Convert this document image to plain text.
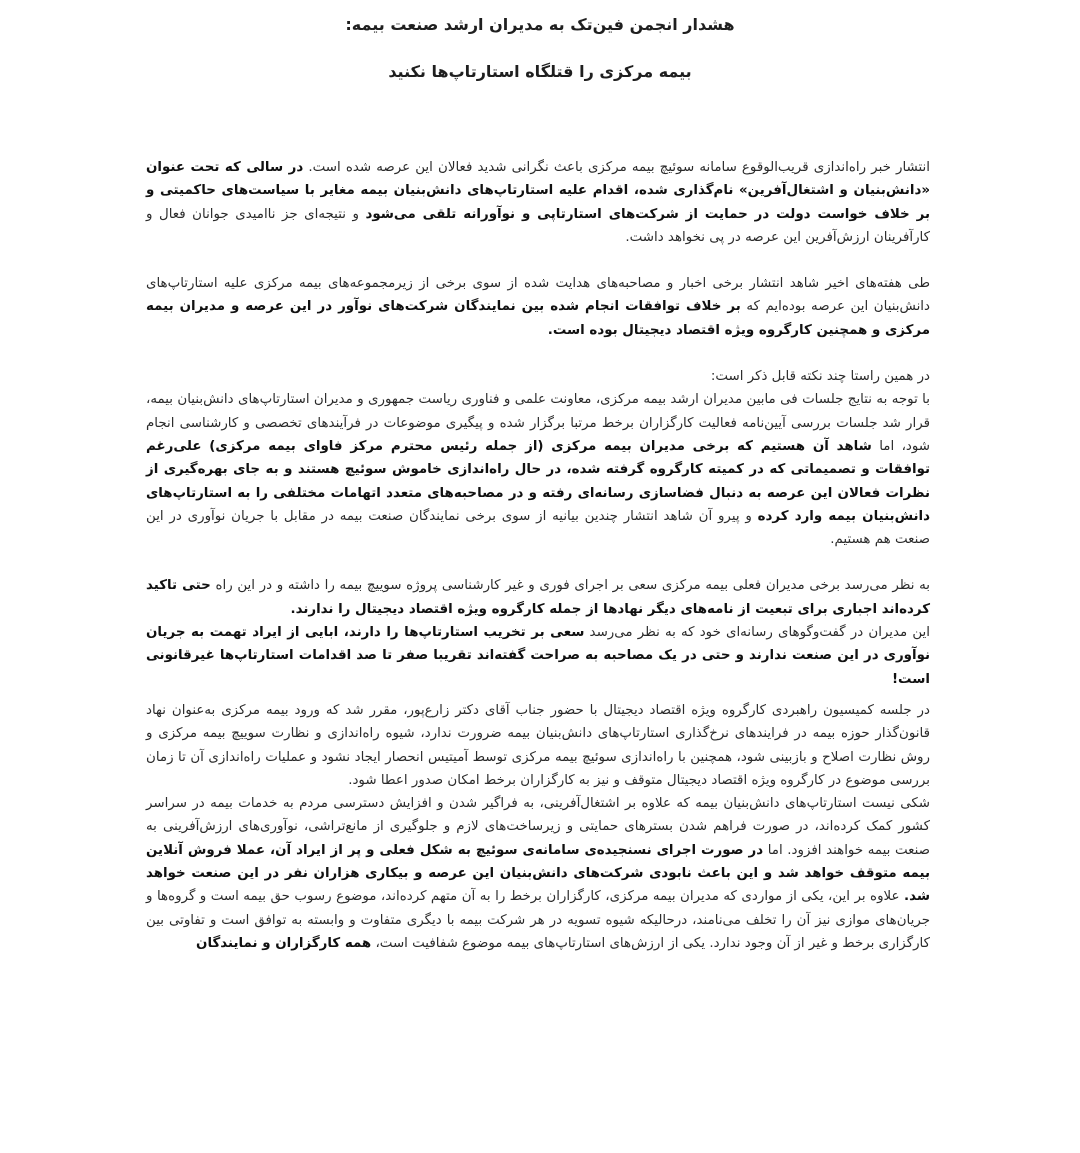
هشدار انجمن فین‌تک به مدیران ارشد صنعت بیمه:
بیمه مرکزی را قتلگاه استارتاپ‌ها نکنید

انتشار خبر راه‌اندازی قریب‌الوقوع سامانه سوئیچ بیمه مرکزی باعث نگرانی شدید فعالان این عرصه شده است. در سالی که تحت عنوان «دانش‌بنیان و اشتغال‌آفرین» نام‌گذاری شده، اقدام علیه استارتاپ‌های دانش‌بنیان بیمه مغایر با سیاست‌های حاکمیتی و بر خلاف خواست دولت در حمایت از شرکت‌های استارتاپی و نوآورانه تلقی می‌شود و نتیجه‌ای جز ناامیدی جوانان فعال و کارآفرینان ارزش‌آفرین این عرصه در پی نخواهد داشت.

طی هفته‌های اخیر شاهد انتشار برخی اخبار و مصاحبه‌های هدایت شده از سوی برخی از زیرمجموعه‌های بیمه مرکزی علیه استارتاپ‌های دانش‌بنیان این عرصه بوده‌ایم که بر خلاف توافقات انجام شده بین نمایندگان شرکت‌های نوآور در این عرصه و مدیران بیمه مرکزی و همچنین کارگروه ویژه اقتصاد دیجیتال بوده است.

در همین راستا چند نکته قابل ذکر است:

با توجه به نتایج جلسات فی مابین مدیران ارشد بیمه مرکزی، معاونت علمی و فناوری ریاست جمهوری و مدیران استارتاپ‌های دانش‌بنیان بیمه، قرار شد جلسات بررسی آیین‌نامه فعالیت کارگزاران برخط مرتبا برگزار شده و پیگیری موضوعات در فرآیندهای تخصصی و کارشناسی انجام شود، اما شاهد آن هستیم که برخی مدیران بیمه مرکزی (از جمله رئیس محترم مرکز فاوای بیمه مرکزی) علی‌رغم توافقات و تصمیماتی که در کمیته کارگروه گرفته شده، در حال راه‌اندازی خاموش سوئیچ هستند و به جای بهره‌گیری از نظرات فعالان این عرصه به دنبال فضاسازی رسانه‌ای رفته و در مصاحبه‌های متعدد اتهامات مختلفی را به استارتاپ‌های دانش‌بنیان بیمه وارد کرده و پیرو آن شاهد انتشار چندین بیانیه از سوی برخی نمایندگان صنعت بیمه در مقابل با جریان نوآوری در این صنعت هم هستیم.

به نظر می‌رسد برخی مدیران فعلی بیمه مرکزی سعی بر اجرای فوری و غیر کارشناسی پروژه سوییچ بیمه را داشته و در این راه حتی تاکید کرده‌اند اجباری برای تبعیت از نامه‌های دیگر نهادها از جمله کارگروه ویژه اقتصاد دیجیتال را ندارند.

این مدیران در گفت‌وگوهای رسانه‌ای خود که به نظر می‌رسد سعی بر تخریب استارتاپ‌ها را دارند، ابایی از ایراد تهمت به جریان نوآوری در این صنعت ندارند و حتی در یک مصاحبه به صراحت گفته‌اند تقریبا صفر تا صد اقدامات استارتاپ‌ها غیرقانونی است!

در جلسه کمیسیون راهبردی کارگروه ویژه اقتصاد دیجیتال با حضور جناب آقای دکتر زارع‌پور، مقرر شد که ورود بیمه مرکزی به‌عنوان نهاد قانون‌گذار حوزه بیمه در فرایندهای نرخ‌گذاری استارتاپ‌های دانش‌بنیان بیمه ضرورت ندارد، شیوه راه‌اندازی و نظارت سوییچ بیمه مرکزی و روش نظارت اصلاح و بازبینی شود، همچنین با راه‌اندازی سوئیچ بیمه مرکزی توسط آمیتیس انحصار ایجاد نشود و عملیات راه‌اندازی آن تا زمان بررسی موضوع در کارگروه ویژه اقتصاد دیجیتال متوقف و نیز به کارگزاران برخط امکان صدور اعطا شود.

شکی نیست استارتاپ‌های دانش‌بنیان بیمه که علاوه بر اشتغال‌آفرینی، به فراگیر شدن و افزایش دسترسی مردم به خدمات بیمه در سراسر کشور کمک کرده‌اند، در صورت فراهم شدن بسترهای حمایتی و زیرساخت‌های لازم و جلوگیری از مانع‌تراشی، نوآوری‌های ارزش‌آفرینی به صنعت بیمه خواهند افزود. اما در صورت اجرای نسنجیده‌ی سامانه‌ی سوئیچ به شکل فعلی و پر از ایراد آن، عملا فروش آنلاین بیمه متوقف خواهد شد و این باعث نابودی شرکت‌های دانش‌بنیان این عرصه و بیکاری هزاران نفر در این صنعت خواهد شد. علاوه بر این، یکی از مواردی که مدیران بیمه مرکزی، کارگزاران برخط را به آن متهم کرده‌اند، موضوع رسوب حق بیمه است و گروه‌ها و جریان‌های موازی نیز آن را تخلف می‌نامند، درحالیکه شیوه تسویه در هر شرکت بیمه با دیگری متفاوت و وابسته به توافق است و تفاوتی بین کارگزاری برخط و غیر از آن وجود ندارد. یکی از ارزش‌های استارتاپ‌های بیمه موضوع شفافیت است، همه کارگزاران و نمایندگان
